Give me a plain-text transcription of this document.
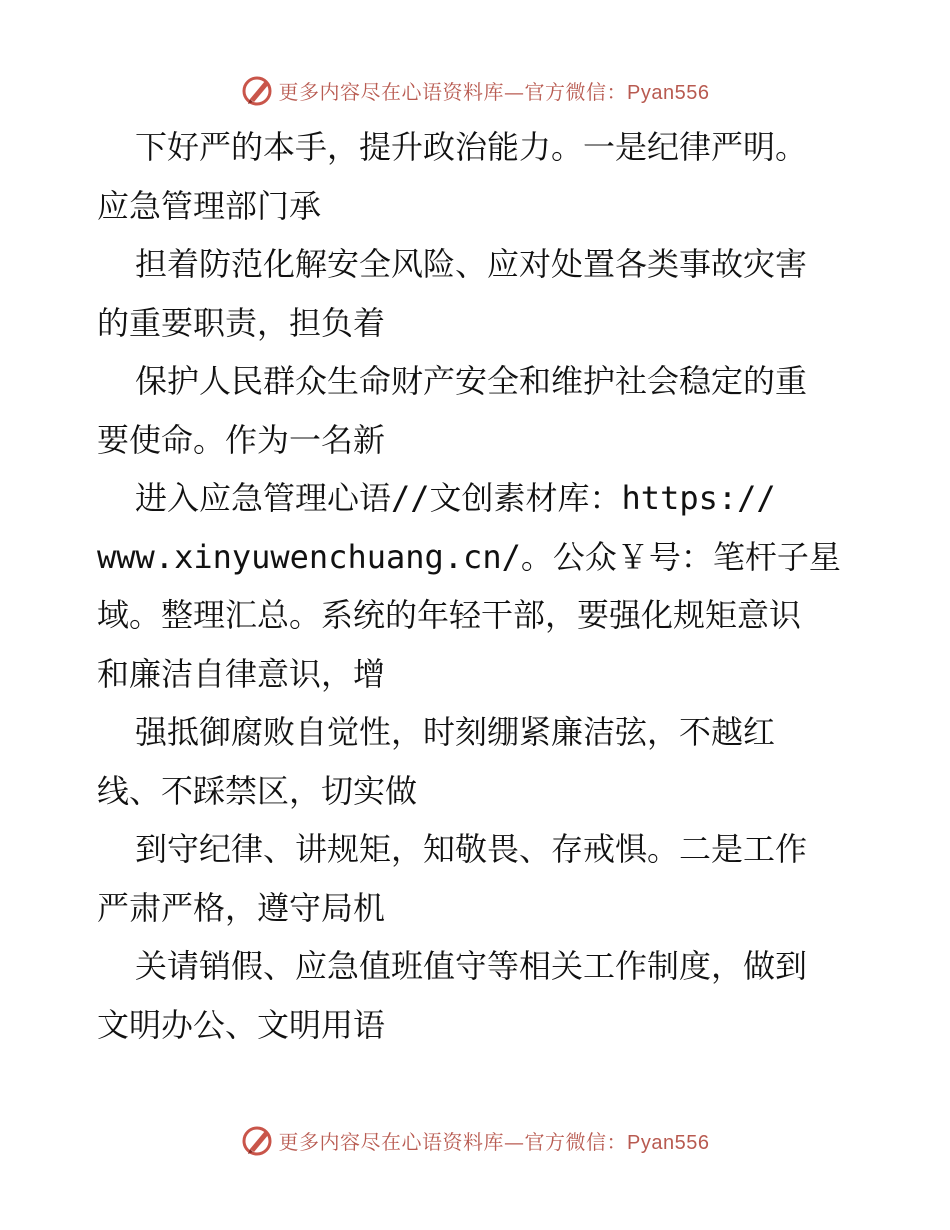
更多内容尽在心语资料库—官方微信：Pyan556
下好严的本手，提升政治能力。一是纪律严明。
应急管理部门承
担着防范化解安全风险、应对处置各类事故灾害
的重要职责，担负着
保护人民群众生命财产安全和维护社会稳定的重
要使命。作为一名新
进入应急管理心语//文创素材库：https://
www.xinyuwenchuang.cn/。公众￥号：笔杆子星
域。整理汇总。系统的年轻干部，要强化规矩意识
和廉洁自律意识，增
强抵御腐败自觉性，时刻绷紧廉洁弦，不越红
线、不踩禁区，切实做
到守纪律、讲规矩，知敬畏、存戒惧。二是工作
严肃严格，遵守局机
关请销假、应急值班值守等相关工作制度，做到
文明办公、文明用语
更多内容尽在心语资料库—官方微信：Pyan556
